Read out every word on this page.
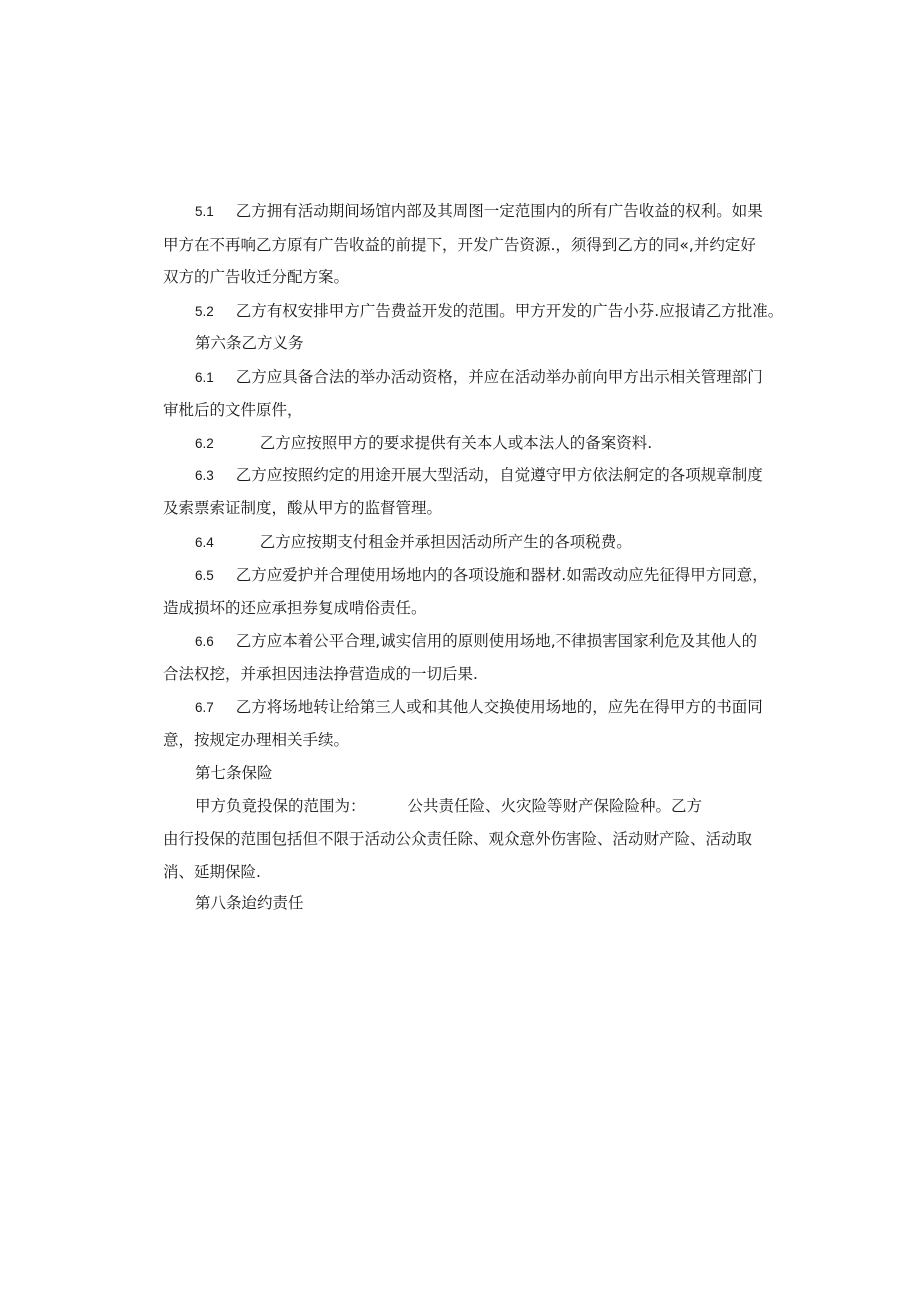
5.1 乙方拥有活动期间场馆内部及其周图一定范围内的所有广告收益的权利。如果
甲方在不再响乙方原有广告收益的前提下，开发广告资源.，须得到乙方的同«,并约定好
双方的广告收迁分配方案。
5.2 乙方有权安排甲方广告费益开发的范围。甲方开发的广告小芬.应报请乙方批准。
第六条乙方义务
6.1 乙方应具备合法的举办活动资格，并应在活动举办前向甲方出示相关管理部门
审枇后的文件原件，
6.2	乙方应按照甲方的要求提供有关本人或本法人的备案资料.
6.3 乙方应按照约定的用途开展大型活动，自觉遵守甲方依法舸定的各项规章制度
及索票索证制度，酸从甲方的监督管理。
6.4	乙方应按期支付租金并承担因活动所产生的各项税费。
6.5 乙方应爱护并合理使用场地内的各项设施和器材.如需改动应先征得甲方同意，
造成损坏的还应承担券复成啃俗责任。
6.6 乙方应本着公平合理,诚实信用的原则使用场地,不律损害国家利危及其他人的
合法权挖，并承担因违法挣营造成的一切后果.
6.7 乙方将场地转让给第三人或和其他人交换使用场地的，应先在得甲方的书面同
意，按规定办理相关手续。
第七条保险
甲方负竟投保的范围为：	公共责任险、火灾险等财产保险险种。乙方
由行投保的范围包括但不限于活动公众责任除、观众意外伤害险、活动财产险、活动取
消、延期保险.
第八条迨约责任
